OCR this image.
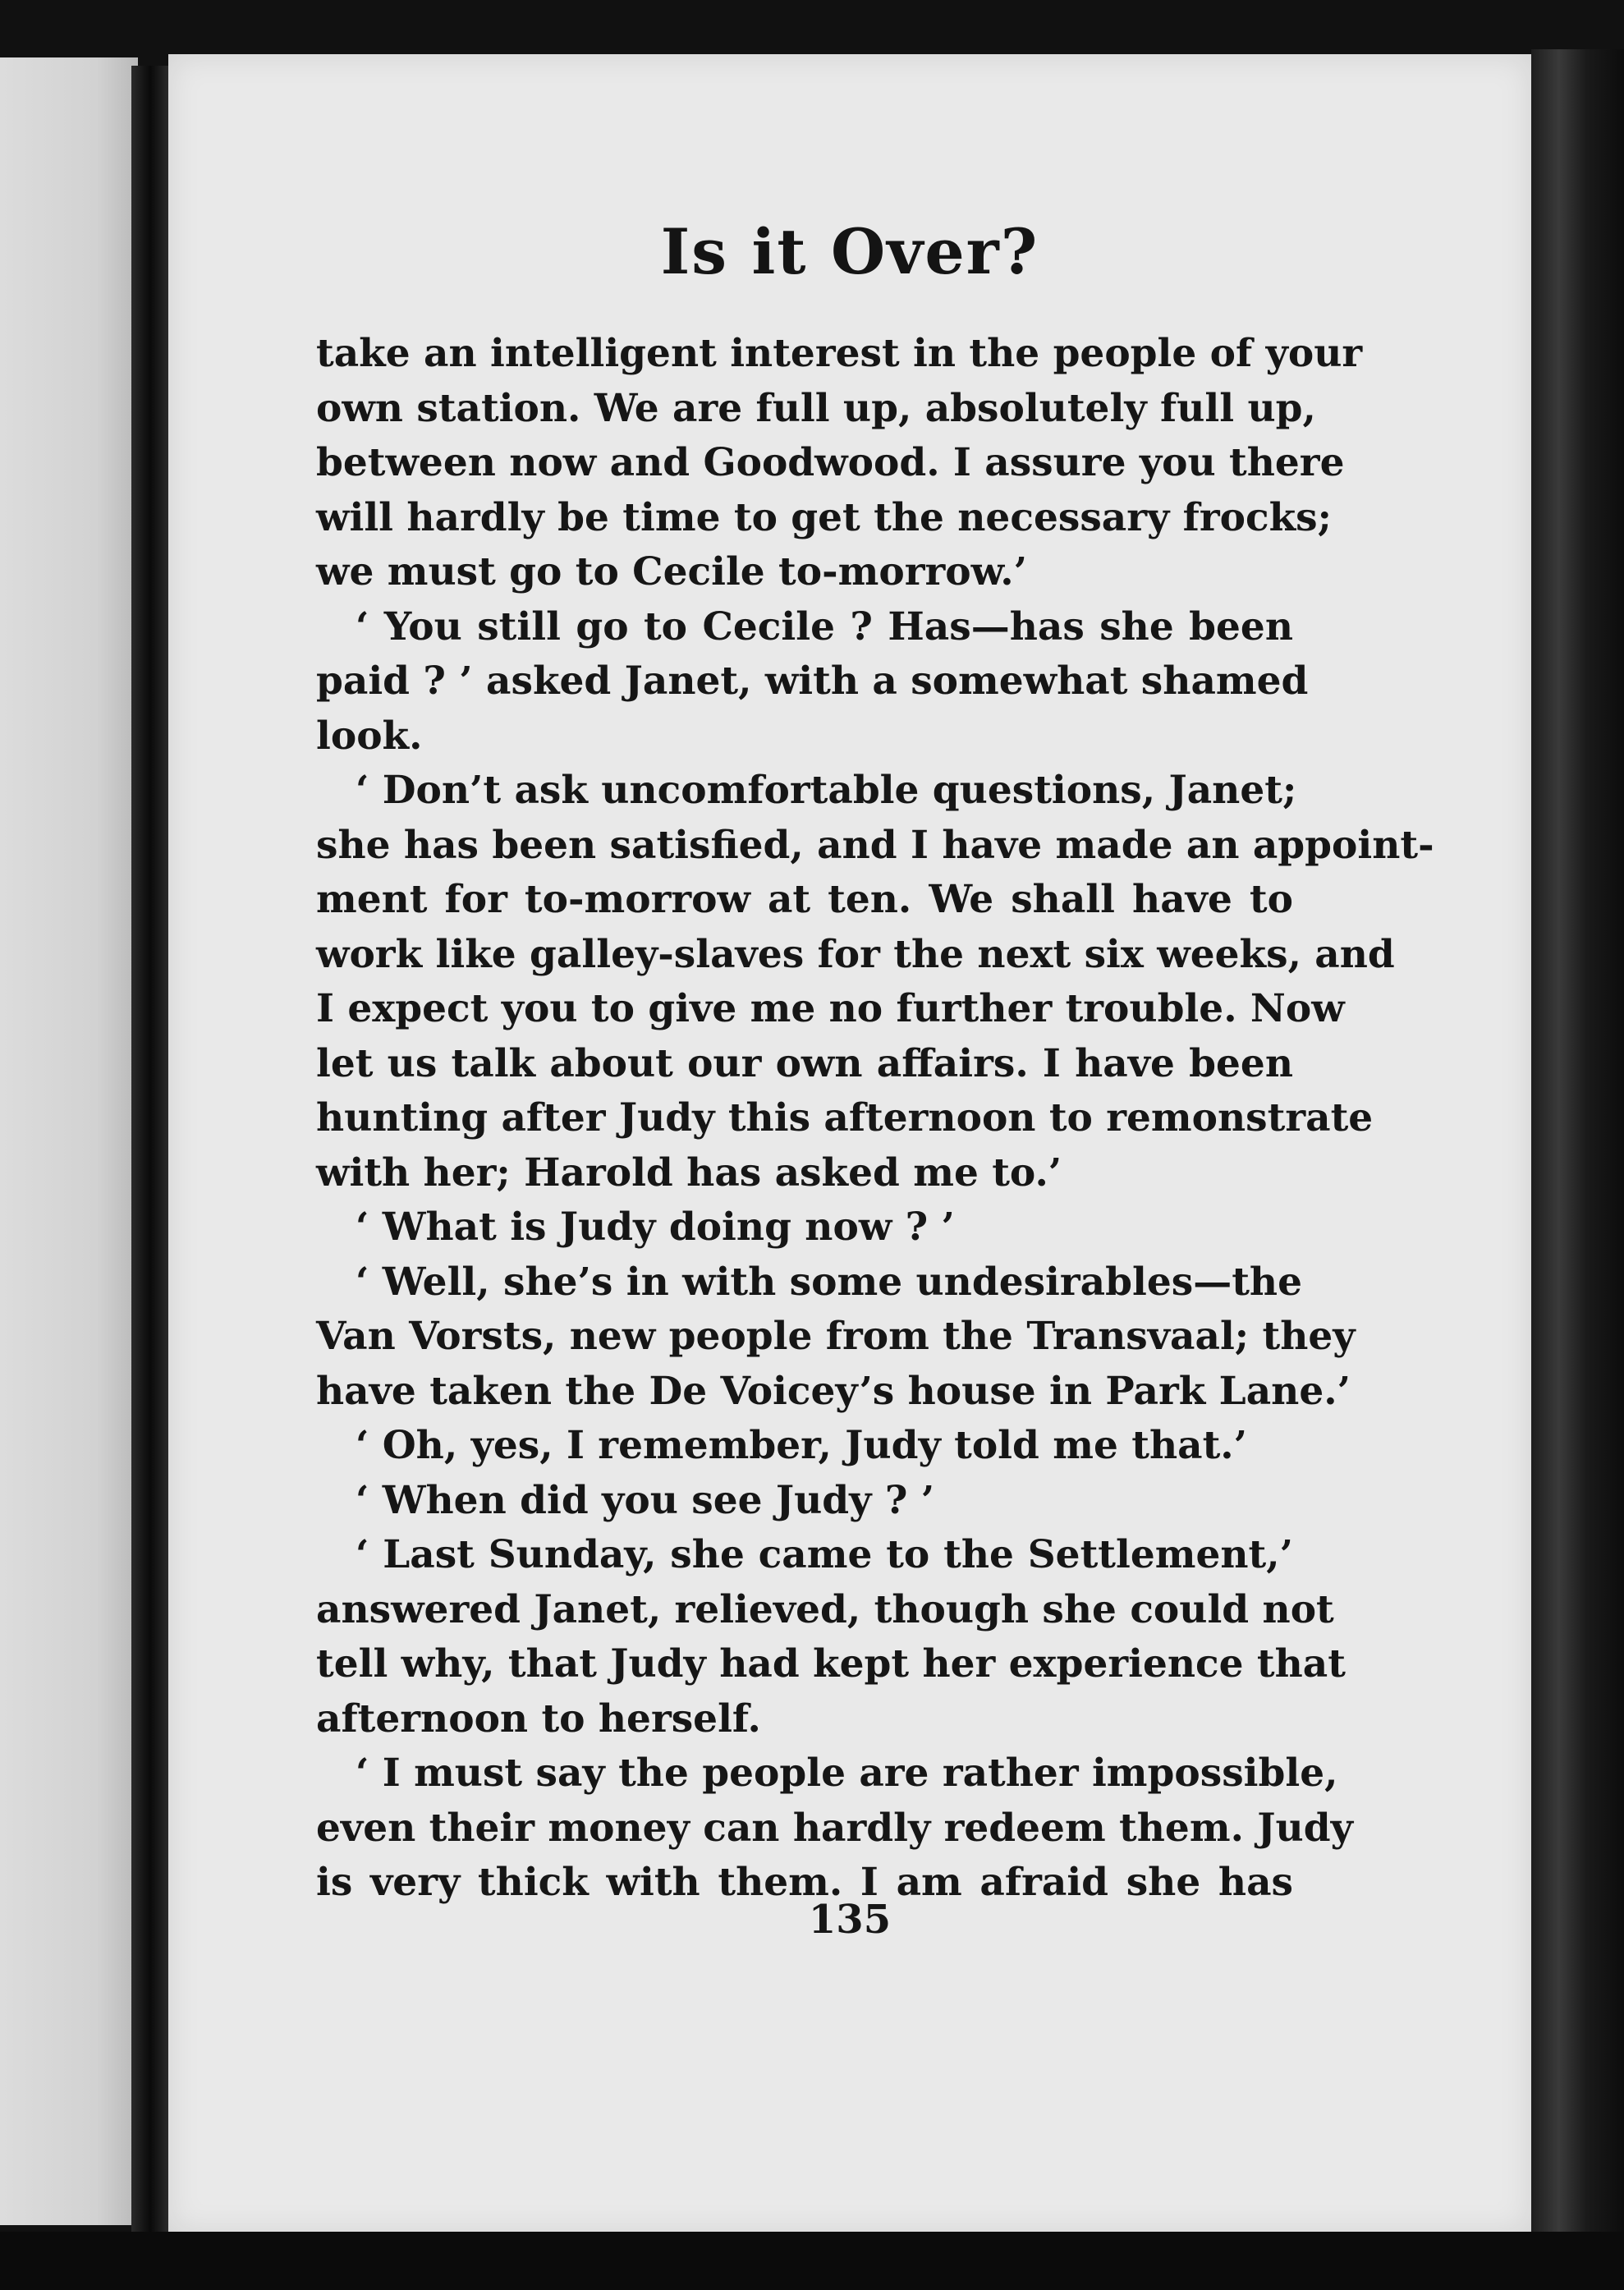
Is it Over?
take an intelligent interest in the people of your
own station. We are full up, absolutely full up,
between now and Goodwood. I assure you there
will hardly be time to get the necessary frocks;
we must go to Cecile to-morrow.’
‘ You still go to Cecile ? Has—has she been
paid ? ’ asked Janet, with a somewhat shamed
look.
‘ Don’t ask uncomfortable questions, Janet;
she has been satisfied, and I have made an appoint-
ment for to-morrow at ten. We shall have to
work like galley-slaves for the next six weeks, and
I expect you to give me no further trouble. Now
let us talk about our own affairs. I have been
hunting after Judy this afternoon to remonstrate
with her; Harold has asked me to.’
‘ What is Judy doing now ? ’
‘ Well, she’s in with some undesirables—the
Van Vorsts, new people from the Transvaal; they
have taken the De Voicey’s house in Park Lane.’
‘ Oh, yes, I remember, Judy told me that.’
‘ When did you see Judy ? ’
‘ Last Sunday, she came to the Settlement,’
answered Janet, relieved, though she could not
tell why, that Judy had kept her experience that
afternoon to herself.
‘ I must say the people are rather impossible,
even their money can hardly redeem them. Judy
is very thick with them. I am afraid she has
135
